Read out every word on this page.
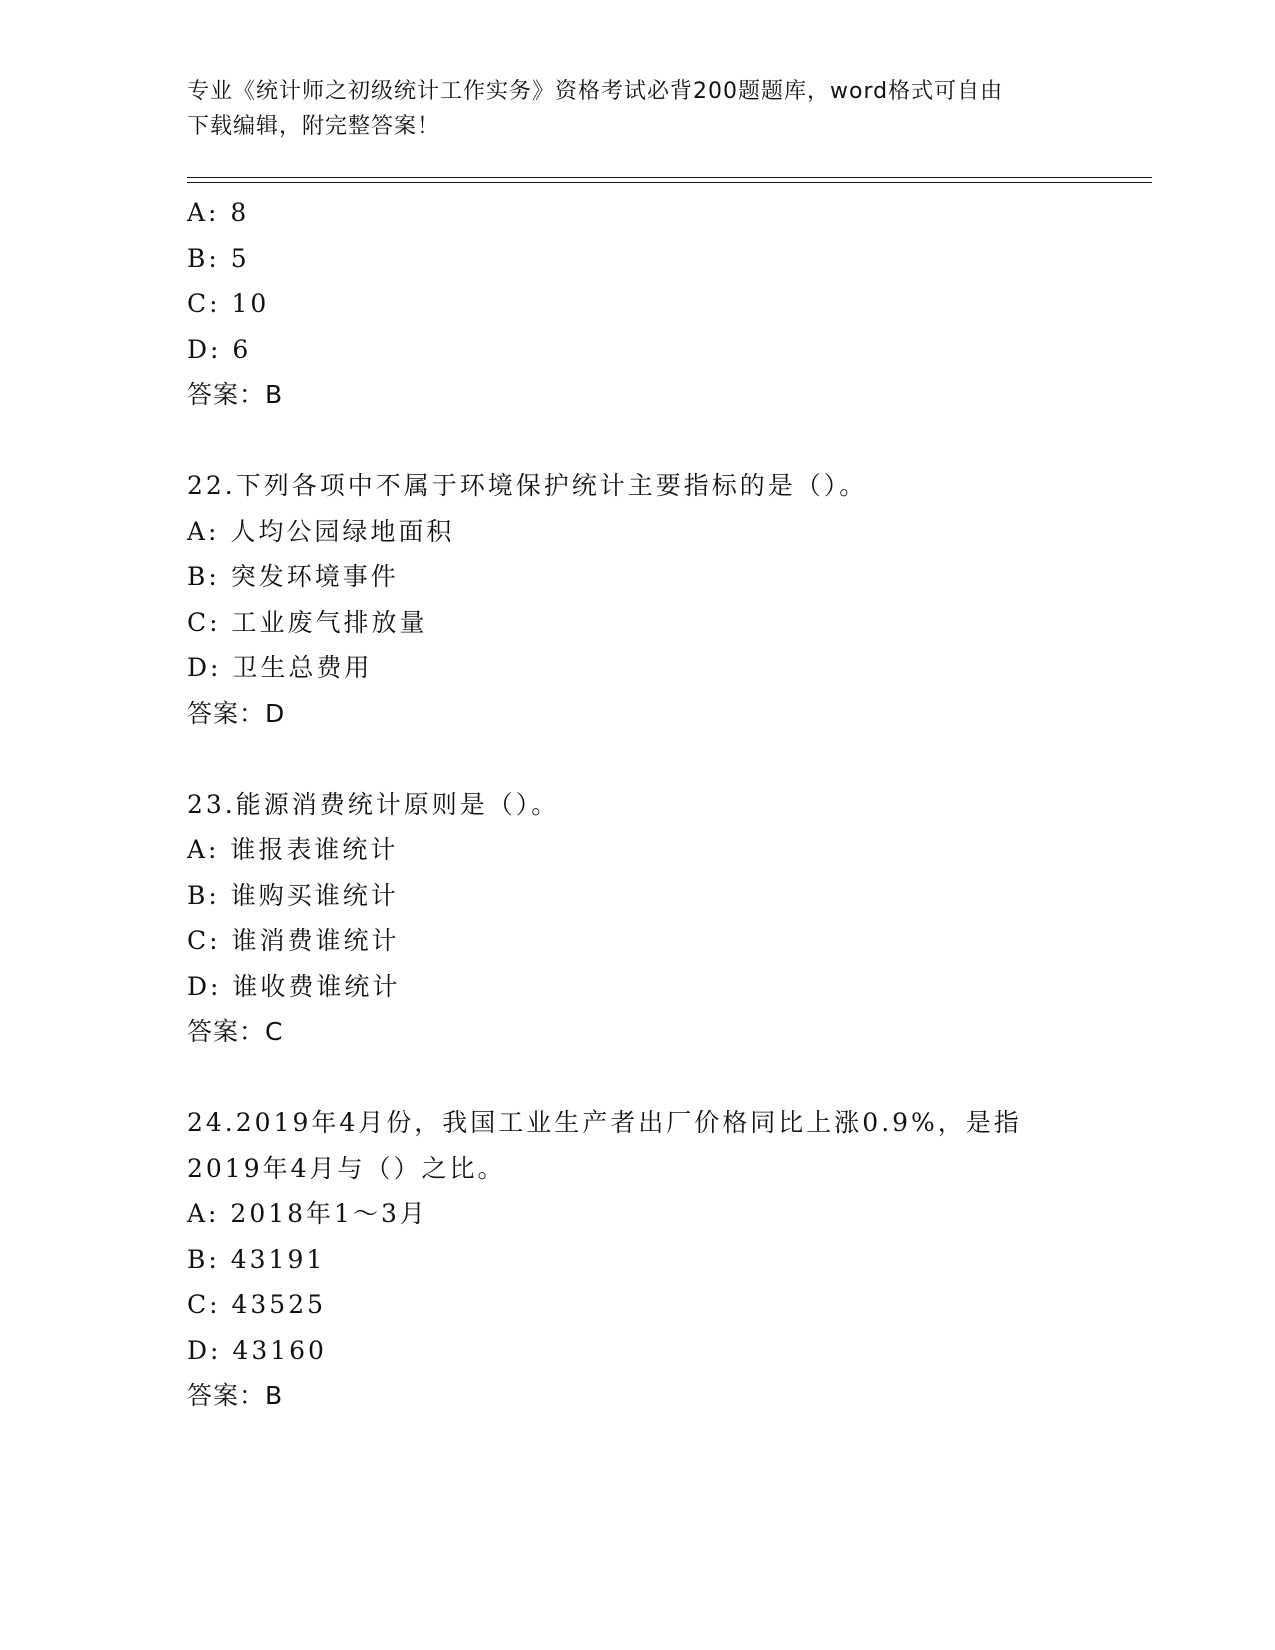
专业《统计师之初级统计工作实务》资格考试必背200题题库，word格式可自由
下载编辑，附完整答案！
A: 8
B: 5
C: 10
D: 6
答案：B
22.下列各项中不属于环境保护统计主要指标的是（）。
A: 人均公园绿地面积
B: 突发环境事件
C: 工业废气排放量
D: 卫生总费用
答案：D
23.能源消费统计原则是（）。
A: 谁报表谁统计
B: 谁购买谁统计
C: 谁消费谁统计
D: 谁收费谁统计
答案：C
24.2019年4月份，我国工业生产者出厂价格同比上涨0.9%，是指
2019年4月与（）之比。
A: 2018年1～3月
B: 43191
C: 43525
D: 43160
答案：B
